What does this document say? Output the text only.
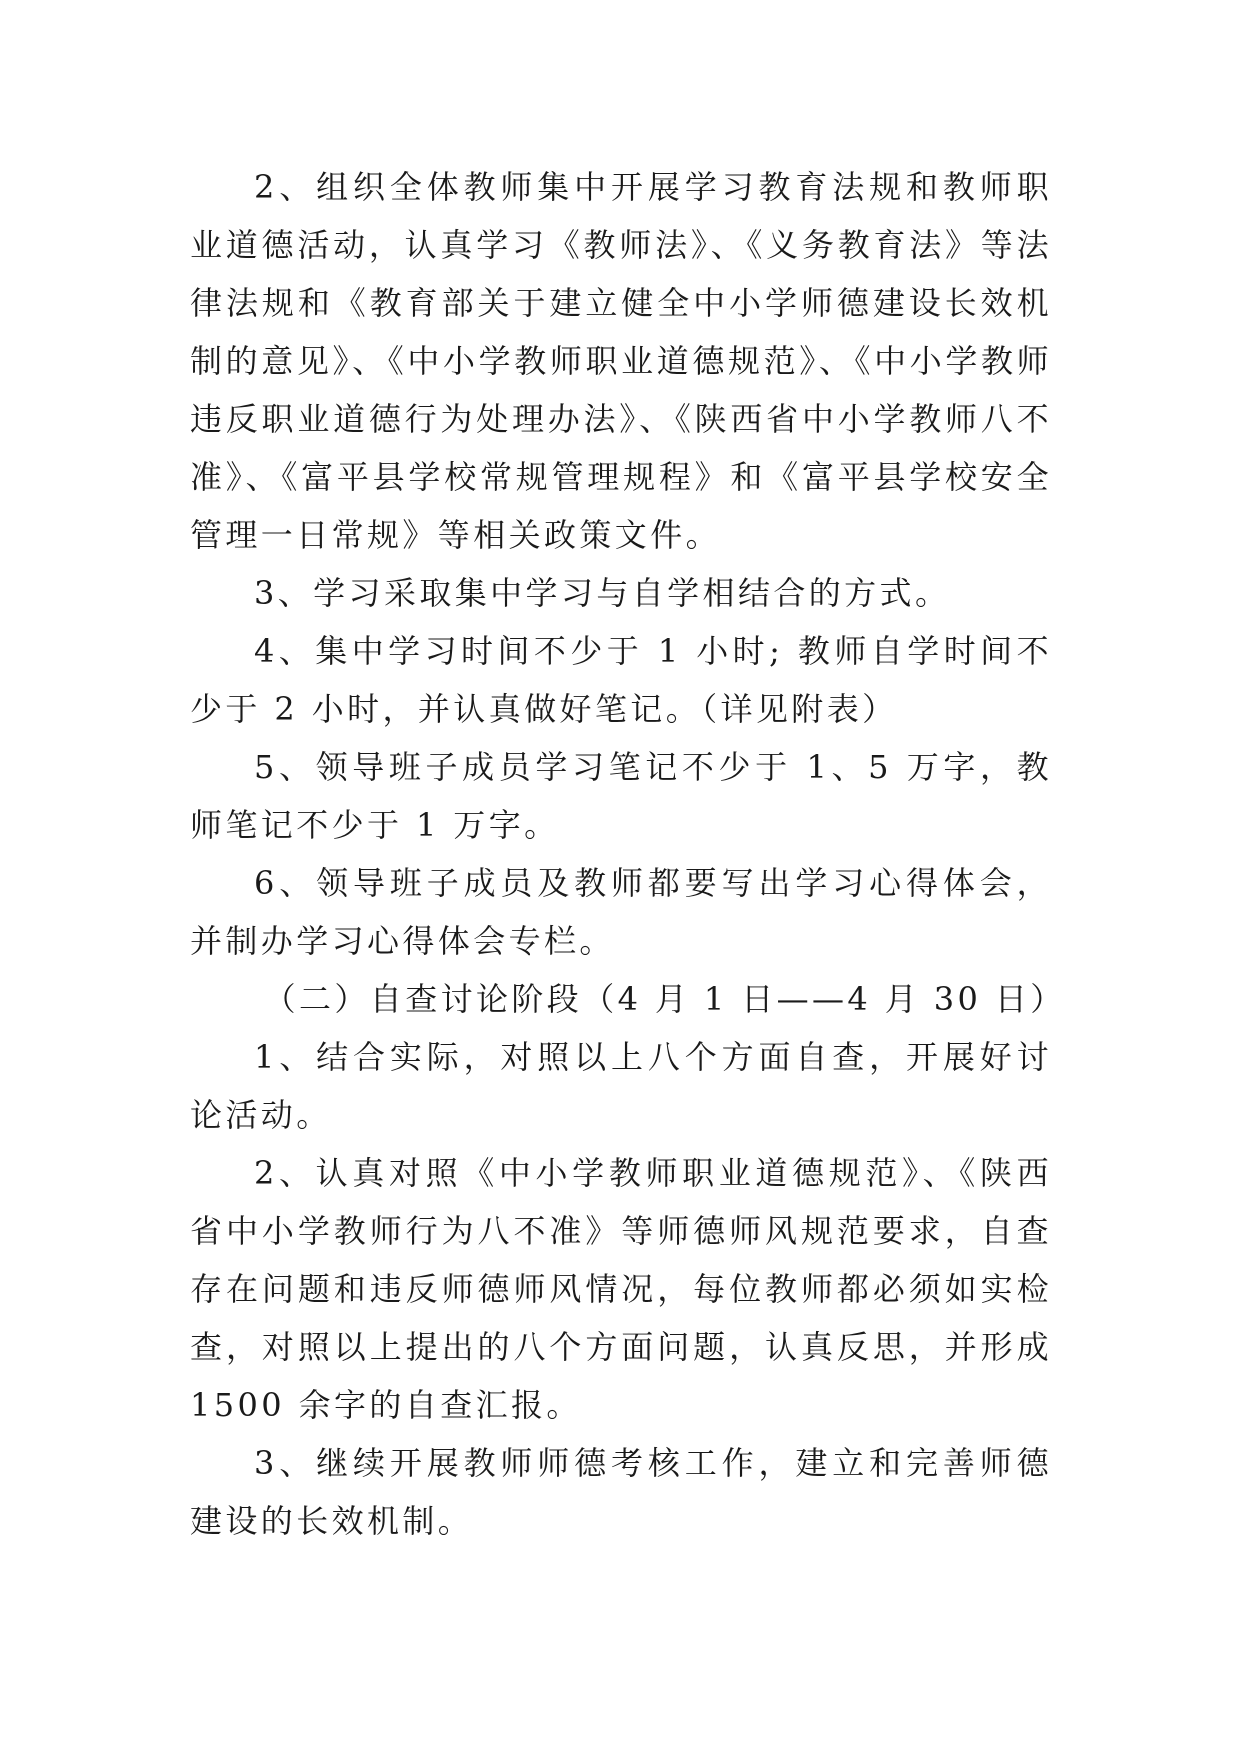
2、组织全体教师集中开展学习教育法规和教师职业道德活动，认真学习《教师法》、《义务教育法》等法律法规和《教育部关于建立健全中小学师德建设长效机制的意见》、《中小学教师职业道德规范》、《中小学教师违反职业道德行为处理办法》、《陕西省中小学教师八不准》、《富平县学校常规管理规程》和《富平县学校安全管理一日常规》等相关政策文件。

3、学习采取集中学习与自学相结合的方式。

4、集中学习时间不少于 1 小时; 教师自学时间不少于 2 小时，并认真做好笔记。（详见附表）

5、领导班子成员学习笔记不少于 1、5 万字，教师笔记不少于 1 万字。

6、领导班子成员及教师都要写出学习心得体会，并制办学习心得体会专栏。

（二）自查讨论阶段（4 月 1 日——4 月 30 日）

1、结合实际，对照以上八个方面自查，开展好讨论活动。

2、认真对照《中小学教师职业道德规范》、《陕西省中小学教师行为八不准》等师德师风规范要求，自查存在问题和违反师德师风情况，每位教师都必须如实检查，对照以上提出的八个方面问题，认真反思，并形成 1500 余字的自查汇报。

3、继续开展教师师德考核工作，建立和完善师德建设的长效机制。
